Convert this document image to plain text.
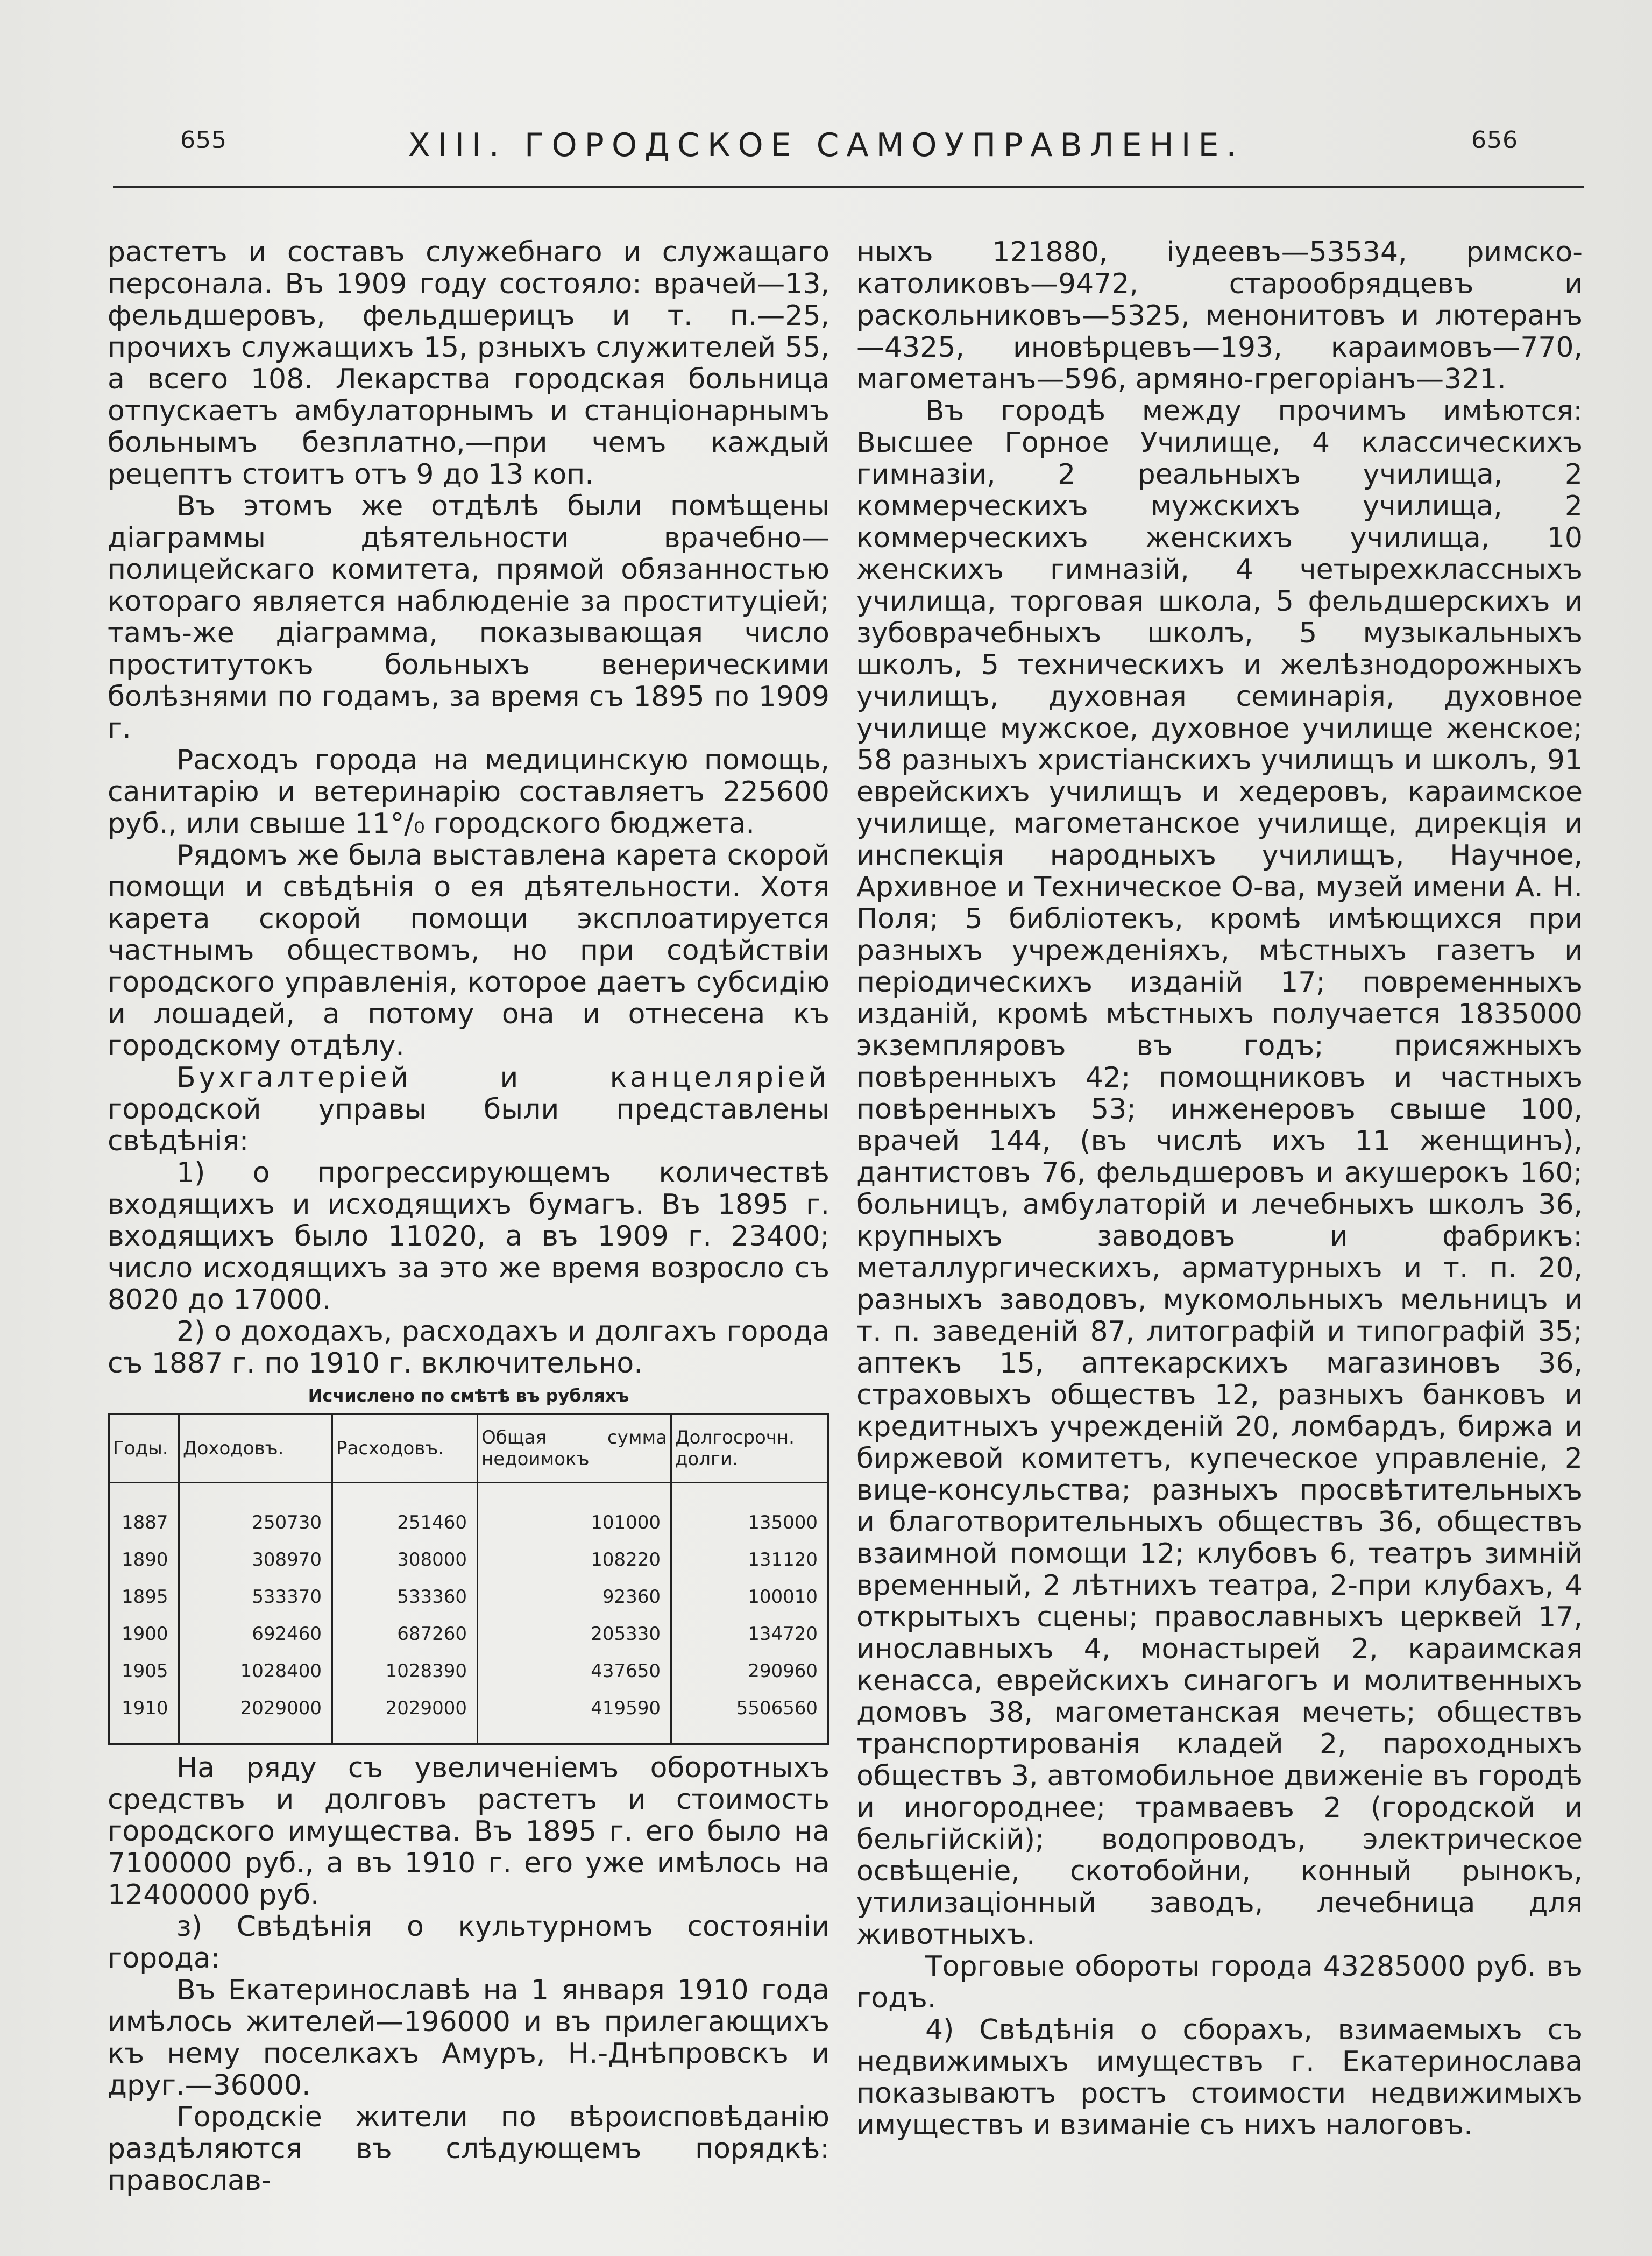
655	XIII. ГОРОДСКОЕ САМОУПРАВЛЕНIЕ.	656

растетъ и составъ служебнаго и служащаго персонала. Въ 1909 году состояло: врачей—13, фельдшеровъ, фельдшерицъ и т. п.—25, прочихъ служащихъ 15, рзныхъ служителей 55, а всего 108. Лекарства городская больница отпускаетъ амбулаторнымъ и станціонарнымъ больнымъ безплатно,—при чемъ каждый рецептъ стоитъ отъ 9 до 13 коп.

Въ этомъ же отдѣлѣ были помѣщены діаграммы дѣятельности врачебно—полицейскаго комитета, прямой обязанностью котораго является наблюденіе за проституціей; тамъ-же діаграмма, показывающая число проститутокъ больныхъ венерическими болѣзнями по годамъ, за время съ 1895 по 1909 г.

Расходъ города на медицинскую помощь, санитарію и ветеринарію составляетъ 225600 руб., или свыше 11°/₀ городского бюджета.

Рядомъ же была выставлена карета скорой помощи и свѣдѣнія о ея дѣятельности. Хотя карета скорой помощи эксплоатируется частнымъ обществомъ, но при содѣйствіи городского управленія, которое даетъ субсидію и лошадей, а потому она и отнесена къ городскому отдѣлу.

Бухгалтеріей и канцеляріей городской управы были представлены свѣдѣнія:

1) о прогрессирующемъ количествѣ входящихъ и исходящихъ бумагъ. Въ 1895 г. входящихъ было 11020, а въ 1909 г. 23400; число исходящихъ за это же время возросло съ 8020 до 17000.

2) о доходахъ, расходахъ и долгахъ города съ 1887 г. по 1910 г. включительно.

Исчислено по смѣтѣ въ рубляхъ

Годы.	Доходовъ.	Расходовъ.	Общая сумма недоимокъ	Долгосрочн. долги.

1887	250730	251460	101000	135000
1890	308970	308000	108220	131120
1895	533370	533360	92360	100010
1900	692460	687260	205330	134720
1905	1028400	1028390	437650	290960
1910	2029000	2029000	419590	5506560

На ряду съ увеличеніемъ оборотныхъ средствъ и долговъ растетъ и стоимость городского имущества. Въ 1895 г. его было на 7100000 руб., а въ 1910 г. его уже имѣлось на 12400000 руб.

з) Свѣдѣнія о культурномъ состояніи города:

Въ Екатеринославѣ на 1 января 1910 года имѣлось жителей—196000 и въ прилегающихъ къ нему поселкахъ Амуръ, Н.-Днѣпровскъ и друг.—36000.

Городскіе жители по вѣроисповѣданію раздѣляются въ слѣдующемъ порядкѣ: православ-

ныхъ 121880, іудеевъ—53534, римско-католиковъ—9472, старообрядцевъ и раскольниковъ—5325, менонитовъ и лютеранъ—4325, иновѣрцевъ—193, караимовъ—770, магометанъ—596, армяно-грегоріанъ—321.

Въ городѣ между прочимъ имѣются: Высшее Горное Училище, 4 классическихъ гимназіи, 2 реальныхъ училища, 2 коммерческихъ мужскихъ училища, 2 коммерческихъ женскихъ училища, 10 женскихъ гимназій, 4 четырехклассныхъ училища, торговая школа, 5 фельдшерскихъ и зубоврачебныхъ школъ, 5 музыкальныхъ школъ, 5 техническихъ и желѣзнодорожныхъ училищъ, духовная семинарія, духовное училище мужское, духовное училище женское; 58 разныхъ христіанскихъ училищъ и школъ, 91 еврейскихъ училищъ и хедеровъ, караимское училище, магометанское училище, дирекція и инспекція народныхъ училищъ, Научное, Архивное и Техническое О-ва, музей имени А. Н. Поля; 5 библіотекъ, кромѣ имѣющихся при разныхъ учрежденіяхъ, мѣстныхъ газетъ и періодическихъ изданій 17; повременныхъ изданій, кромѣ мѣстныхъ получается 1835000 экземпляровъ въ годъ; присяжныхъ повѣренныхъ 42; помощниковъ и частныхъ повѣренныхъ 53; инженеровъ свыше 100, врачей 144, (въ числѣ ихъ 11 женщинъ), дантистовъ 76, фельдшеровъ и акушерокъ 160; больницъ, амбулаторій и лечебныхъ школъ 36, крупныхъ заводовъ и фабрикъ: металлургическихъ, арматурныхъ и т. п. 20, разныхъ заводовъ, мукомольныхъ мельницъ и т. п. заведеній 87, литографій и типографій 35; аптекъ 15, аптекарскихъ магазиновъ 36, страховыхъ обществъ 12, разныхъ банковъ и кредитныхъ учрежденій 20, ломбардъ, биржа и биржевой комитетъ, купеческое управленіе, 2 вице-консульства; разныхъ просвѣтительныхъ и благотворительныхъ обществъ 36, обществъ взаимной помощи 12; клубовъ 6, театръ зимній временный, 2 лѣтнихъ театра, 2-при клубахъ, 4 открытыхъ сцены; православныхъ церквей 17, инославныхъ 4, монастырей 2, караимская кенасса, еврейскихъ синагогъ и молитвенныхъ домовъ 38, магометанская мечеть; обществъ транспортированія кладей 2, пароходныхъ обществъ 3, автомобильное движеніе въ городѣ и иногороднее; трамваевъ 2 (городской и бельгійскій); водопроводъ, электрическое освѣщеніе, скотобойни, конный рынокъ, утилизаціонный заводъ, лечебница для животныхъ.

Торговые обороты города 43285000 руб. въ годъ.

4) Свѣдѣнія о сборахъ, взимаемыхъ съ недвижимыхъ имуществъ г. Екатеринослава показываютъ ростъ стоимости недвижимыхъ имуществъ и взиманіе съ нихъ налоговъ.
